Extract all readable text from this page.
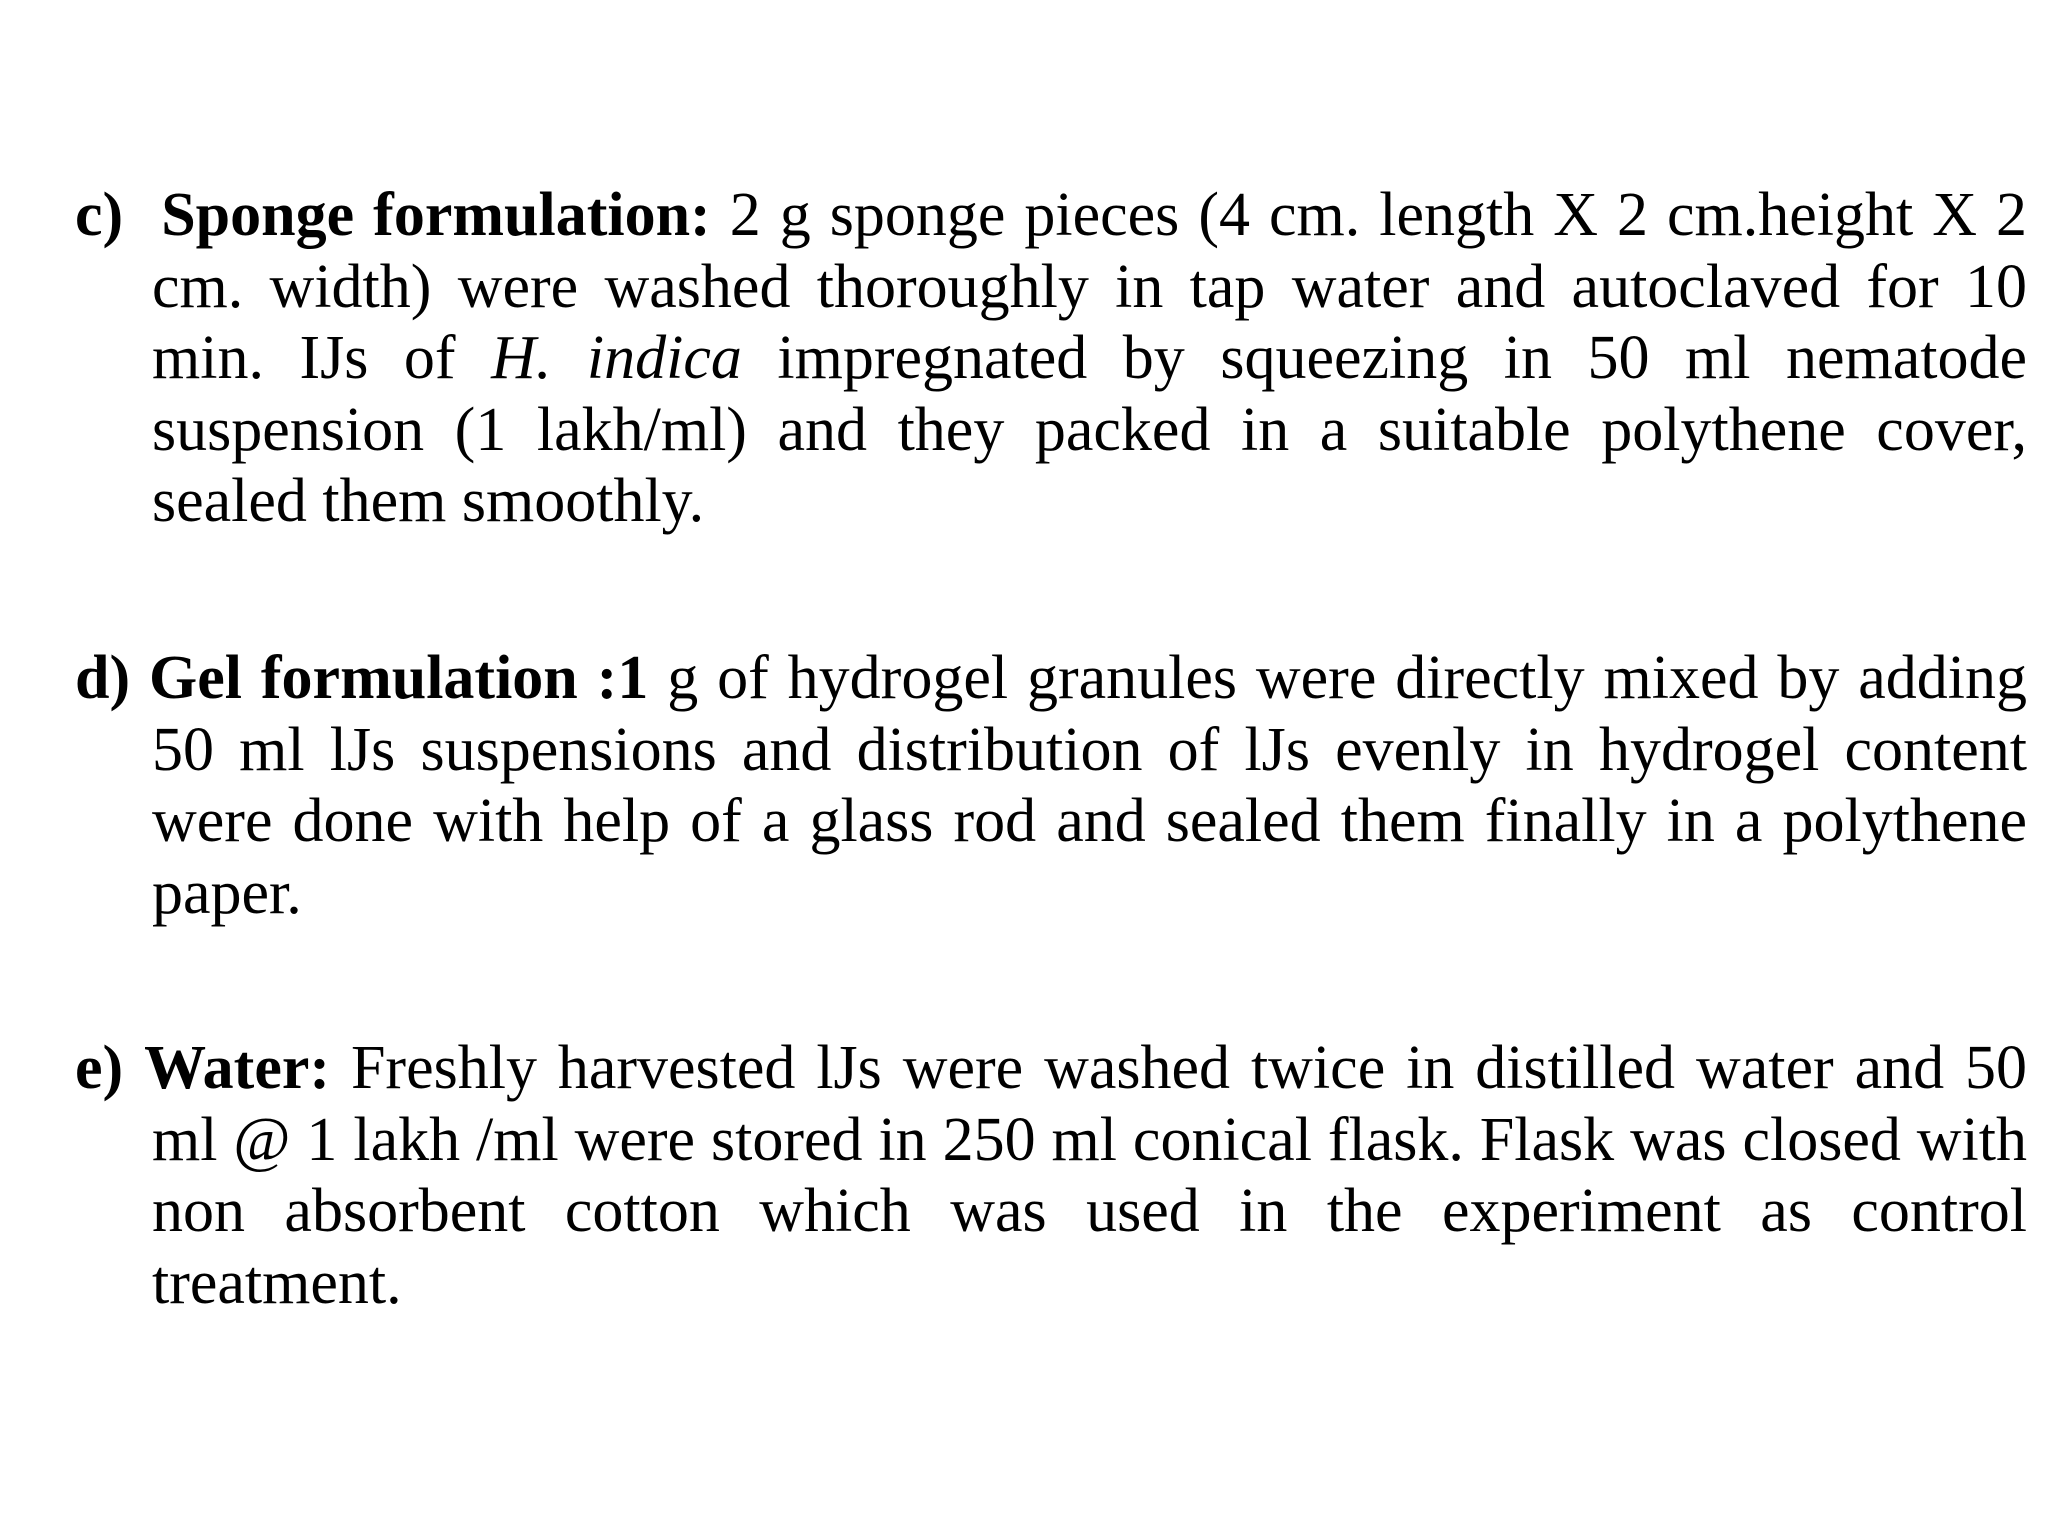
c) Sponge formulation: 2 g sponge pieces (4 cm. length X 2 cm.height X 2 cm. width) were washed thoroughly in tap water and autoclaved for 10 min. IJs of H. indica impregnated by squeezing in 50 ml nematode suspension (1 lakh/ml) and they packed in a suitable polythene cover, sealed them smoothly.

d) Gel formulation :1 g of hydrogel granules were directly mixed by adding 50 ml lJs suspensions and distribution of lJs evenly in hydrogel content were done with help of a glass rod and sealed them finally in a polythene paper.

e) Water: Freshly harvested lJs were washed twice in distilled water and 50 ml @ 1 lakh /ml were stored in 250 ml conical flask. Flask was closed with non absorbent cotton which was used in the experiment as control treatment.
